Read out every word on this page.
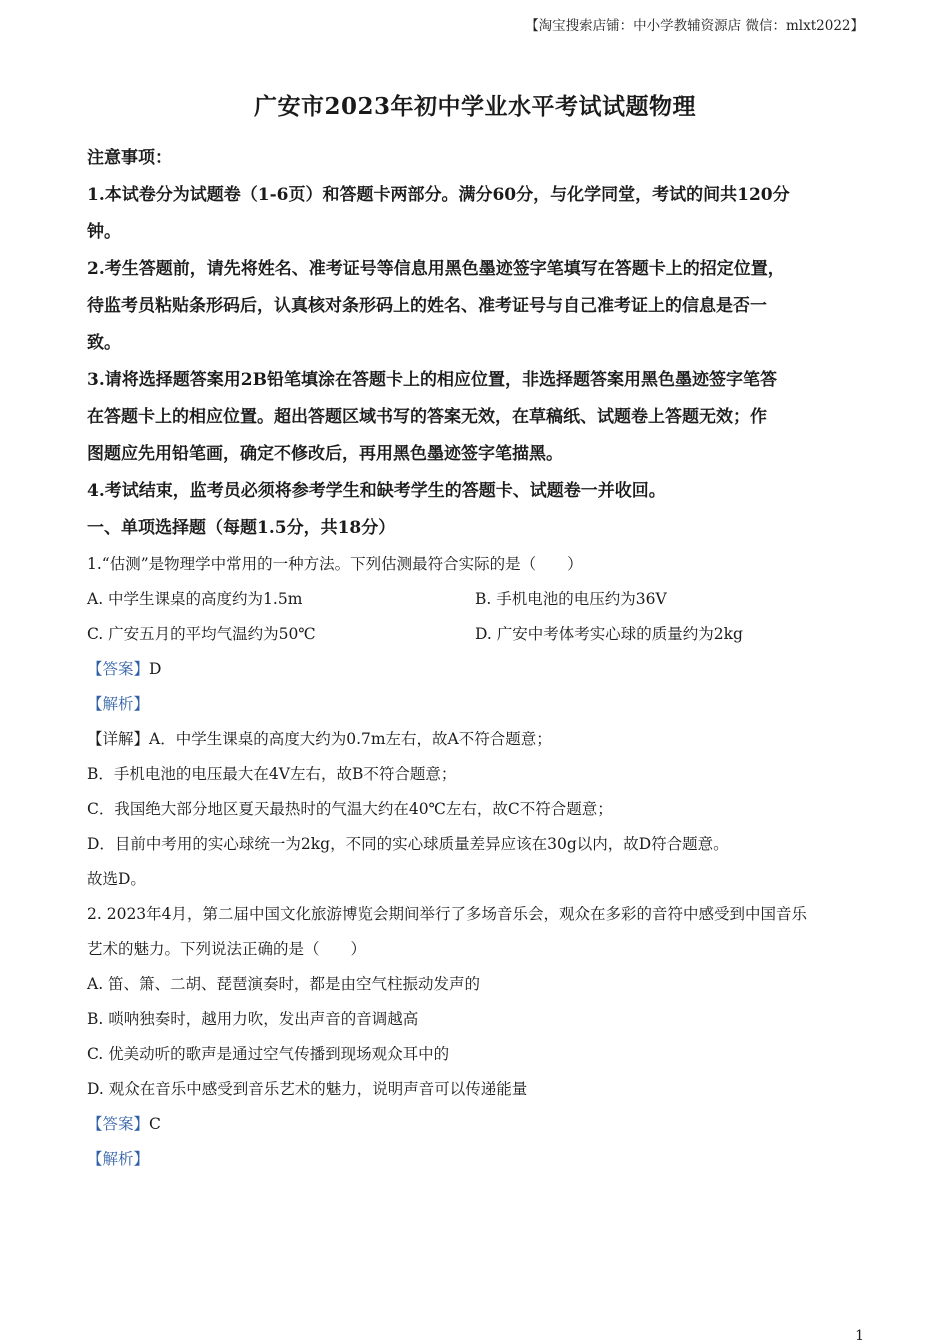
【淘宝搜索店铺：中小学教辅资源店 微信：mlxt2022】
广安市2023年初中学业水平考试试题物理
注意事项：
1.本试卷分为试题卷（1-6页）和答题卡两部分。满分60分，与化学同堂，考试的间共120分
钟。
2.考生答题前，请先将姓名、准考证号等信息用黑色墨迹签字笔填写在答题卡上的招定位置，
待监考员粘贴条形码后，认真核对条形码上的姓名、准考证号与自己准考证上的信息是否一
致。
3.请将选择题答案用2B铅笔填涂在答题卡上的相应位置，非选择题答案用黑色墨迹签字笔答
在答题卡上的相应位置。超出答题区域书写的答案无效，在草稿纸、试题卷上答题无效；作
图题应先用铅笔画，确定不修改后，再用黑色墨迹签字笔描黑。
4.考试结束，监考员必须将参考学生和缺考学生的答题卡、试题卷一并收回。
一、单项选择题（每题1.5分，共18分）
1.“估测”是物理学中常用的一种方法。下列估测最符合实际的是（　　）
A. 中学生课桌的高度约为1.5m	B. 手机电池的电压约为36V
C. 广安五月的平均气温约为50℃	D. 广安中考体考实心球的质量约为2kg
【答案】D
【解析】
【详解】A．中学生课桌的高度大约为0.7m左右，故A不符合题意；
B．手机电池的电压最大在4V左右，故B不符合题意；
C．我国绝大部分地区夏天最热时的气温大约在40℃左右，故C不符合题意；
D．目前中考用的实心球统一为2kg，不同的实心球质量差异应该在30g以内，故D符合题意。
故选D。
2. 2023年4月，第二届中国文化旅游博览会期间举行了多场音乐会，观众在多彩的音符中感受到中国音乐
艺术的魅力。下列说法正确的是（　　）
A. 笛、箫、二胡、琵琶演奏时，都是由空气柱振动发声的
B. 唢呐独奏时，越用力吹，发出声音的音调越高
C. 优美动听的歌声是通过空气传播到现场观众耳中的
D. 观众在音乐中感受到音乐艺术的魅力，说明声音可以传递能量
【答案】C
【解析】
1
